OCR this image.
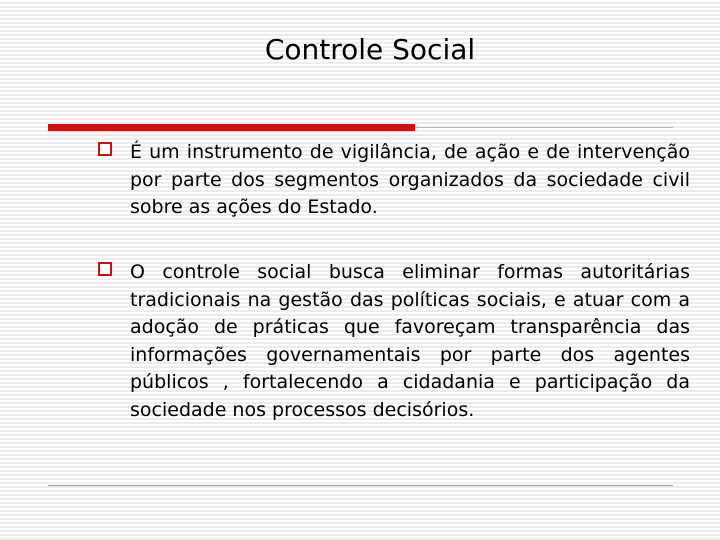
Controle Social
É um instrumento de vigilância, de ação e de intervenção por parte dos segmentos organizados da sociedade civil sobre as ações do Estado.
O controle social busca eliminar formas autoritárias tradicionais na gestão das políticas sociais, e atuar com a adoção de práticas que favoreçam transparência das informações governamentais por parte dos agentes públicos , fortalecendo a cidadania e participação da sociedade nos processos decisórios.
